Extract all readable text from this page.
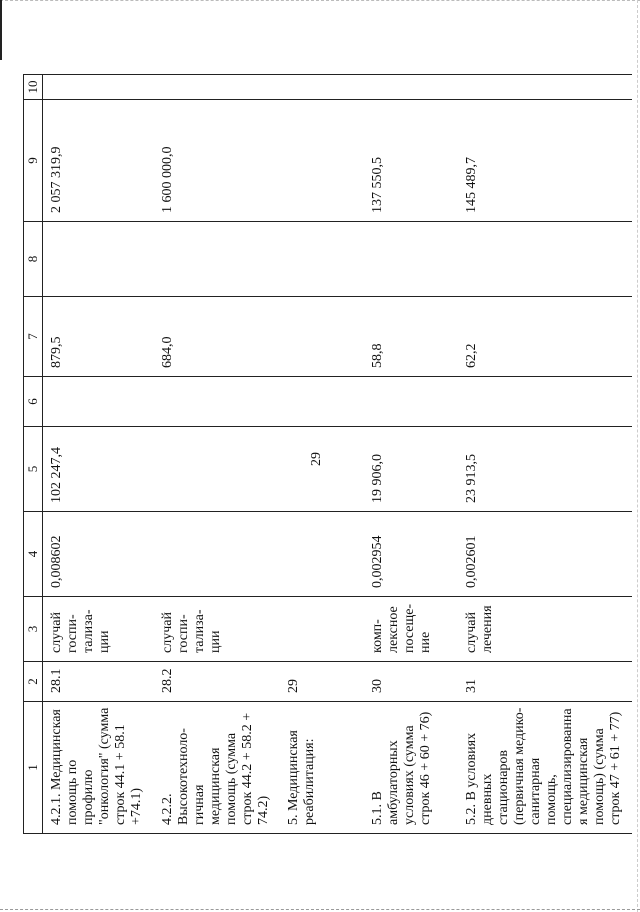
29
1	2	3	4	5	6	7	8	9	10
4.2.1. Медицинская помощь по профилю "онкология" (сумма строк 44.1 + 58.1 +74.1)	28.1	случай госпи-тализа-ции	0,008602	102 247,4		879,5		2 057 319,9	
4.2.2. Высокотехноло-гичная медицинская помощь (сумма строк 44.2 + 58.2 + 74.2)	28.2	случай госпи-тализа-ции				684,0		1 600 000,0	
5. Медицинская реабилитация:	29								
5.1. В амбулаторных условиях (сумма строк 46 + 60 + 76)	30	комп-лексное посеще-ние	0,002954	19 906,0		58,8		137 550,5	
5.2. В условиях дневных стационаров (первичная медико-санитарная помощь, специализированная медицинская помощь) (сумма строк 47 + 61 + 77)	31	случай лечения	0,002601	23 913,5		62,2		145 489,7	
